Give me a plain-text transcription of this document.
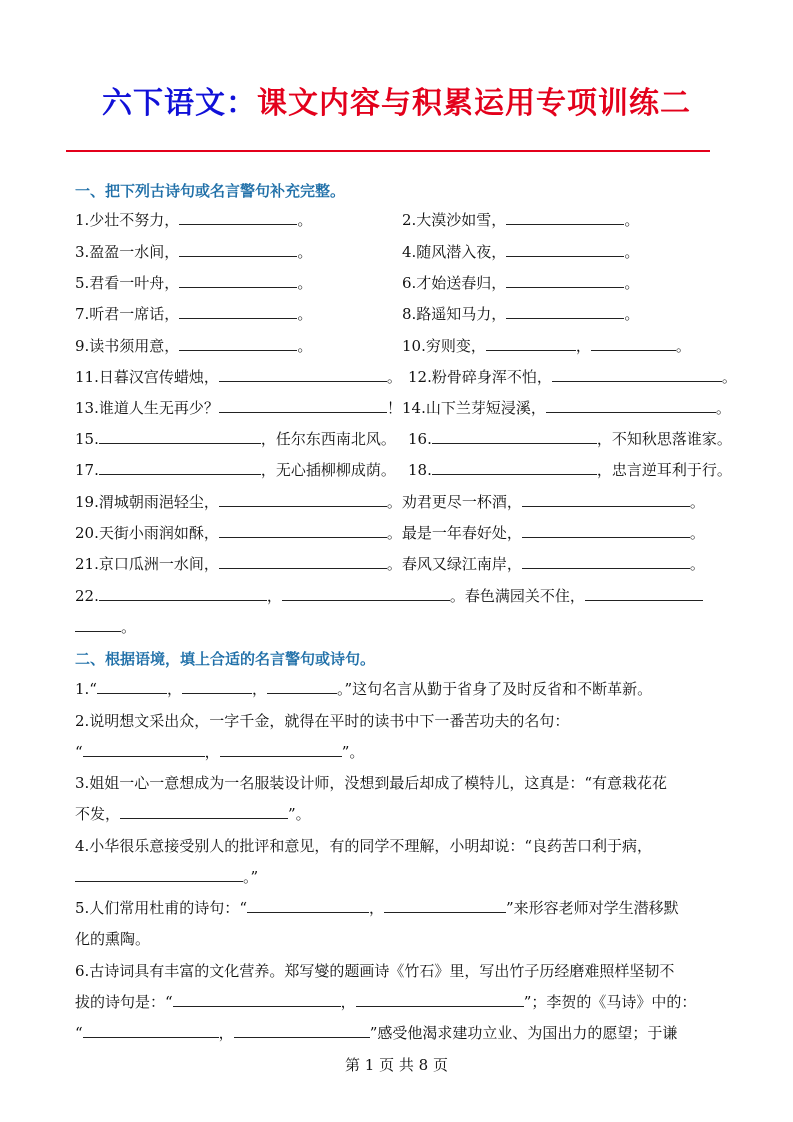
六下语文：课文内容与积累运用专项训练二
一、把下列古诗句或名言警句补充完整。
1.少壮不努力，	。	2.大漠沙如雪，	。
3.盈盈一水间，	。	4.随风潜入夜，	。
5.君看一叶舟，	。	6.才始送春归，	。
7.听君一席话，	。	8.路遥知马力，	。
9.读书须用意，	。	10.穷则变，	，	。
11.日暮汉宫传蜡烛，	。 12.粉骨碎身浑不怕，	。
13.谁道人生无再少？	！ 14.山下兰芽短浸溪，	。
15.	，任尔东西南北风。 16.	，不知秋思落谁家。
17.	，无心插柳柳成荫。 18.	，忠言逆耳利于行。
19.渭城朝雨浥轻尘，	。劝君更尽一杯酒，	。
20.天街小雨润如酥，	。最是一年春好处，	。
21.京口瓜洲一水间，	。春风又绿江南岸，	。
22.	，	。春色满园关不住，
。
二、根据语境，填上合适的名言警句或诗句。
1.“	，	，	。”这句名言从勤于省身了及时反省和不断革新。
2.说明想文采出众，一字千金，就得在平时的读书中下一番苦功夫的名句：
“	，	”。
3.姐姐一心一意想成为一名服装设计师，没想到最后却成了模特儿，这真是：“有意栽花花
不发，	”。
4.小华很乐意接受别人的批评和意见，有的同学不理解，小明却说：“良药苦口利于病，
。”
5.人们常用杜甫的诗句：“	，	”来形容老师对学生潜移默
化的熏陶。
6.古诗词具有丰富的文化营养。郑写燮的题画诗《竹石》里，写出竹子历经磨难照样坚韧不
拔的诗句是：“	，	”；李贺的《马诗》中的：
“	，	”感受他渴求建功立业、为国出力的愿望；于谦
第 1 页 共 8 页
